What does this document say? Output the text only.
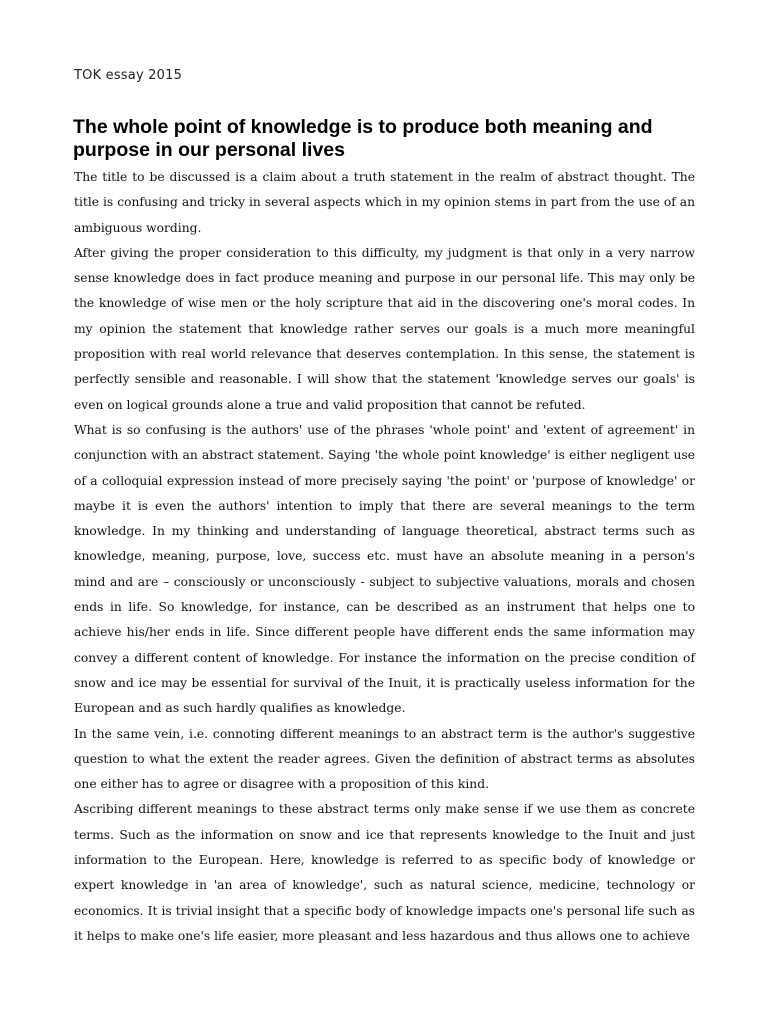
TOK essay 2015
The whole point of knowledge is to produce both meaning and purpose in our personal lives

The title to be discussed is a claim about a truth statement in the realm of abstract thought. The title is confusing and tricky in several aspects which in my opinion stems in part from the use of an ambiguous wording.

After giving the proper consideration to this difficulty, my judgment is that only in a very narrow sense knowledge does in fact produce meaning and purpose in our personal life. This may only be the knowledge of wise men or the holy scripture that aid in the discovering one's moral codes. In my opinion the statement that knowledge rather serves our goals is a much more meaningful proposition with real world relevance that deserves contemplation. In this sense, the statement is perfectly sensible and reasonable. I will show that the statement 'knowledge serves our goals' is even on logical grounds alone a true and valid proposition that cannot be refuted.

What is so confusing is the authors' use of the phrases 'whole point' and 'extent of agreement' in conjunction with an abstract statement. Saying 'the whole point knowledge' is either negligent use of a colloquial expression instead of more precisely saying 'the point' or 'purpose of knowledge' or maybe it is even the authors' intention to imply that there are several meanings to the term knowledge. In my thinking and understanding of language theoretical, abstract terms such as knowledge, meaning, purpose, love, success etc. must have an absolute meaning in a person's mind and are – consciously or unconsciously - subject to subjective valuations, morals and chosen ends in life. So knowledge, for instance, can be described as an instrument that helps one to achieve his/her ends in life. Since different people have different ends the same information may convey a different content of knowledge. For instance the information on the precise condition of snow and ice may be essential for survival of the Inuit, it is practically useless information for the European and as such hardly qualifies as knowledge.

In the same vein, i.e. connoting different meanings to an abstract term is the author's suggestive question to what the extent the reader agrees. Given the definition of abstract terms as absolutes one either has to agree or disagree with a proposition of this kind.

Ascribing different meanings to these abstract terms only make sense if we use them as concrete terms. Such as the information on snow and ice that represents knowledge to the Inuit and just information to the European. Here, knowledge is referred to as specific body of knowledge or expert knowledge in 'an area of knowledge', such as natural science, medicine, technology or economics. It is trivial insight that a specific body of knowledge impacts one's personal life such as it helps to make one's life easier, more pleasant and less hazardous and thus allows one to achieve
